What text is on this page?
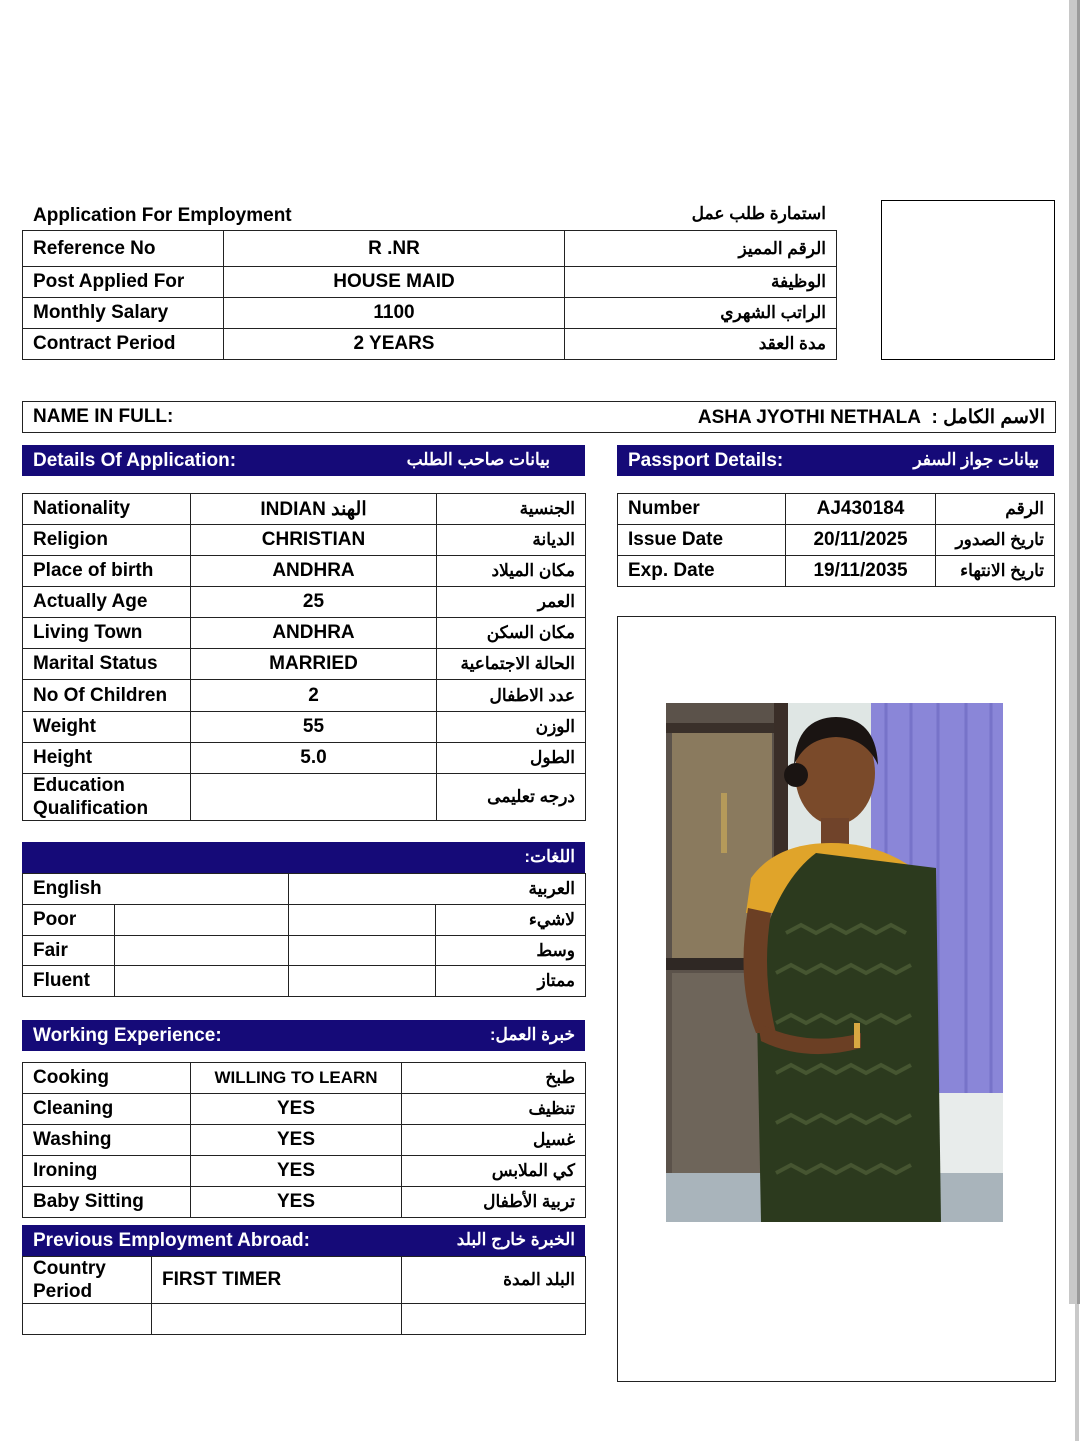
Application For Employment	استمارة طلب عمل
Reference No	R .NR	الرقم المميز
Post Applied For	HOUSE MAID	الوظيفة
Monthly Salary	1100	الراتب الشهري
Contract Period	2 YEARS	مدة العقد
NAME IN FULL:	الاسم الكامل :  ASHA JYOTHI NETHALA
Details Of Application:	بيانات صاحب الطلب	Passport Details:	بيانات جواز السفر
Nationality	INDIAN الهند	الجنسية
Religion	CHRISTIAN	الديانة
Place of birth	ANDHRA	مكان الميلاد
Actually Age	25	العمر
Living Town	ANDHRA	مكان السكن
Marital Status	MARRIED	الحالة الاجتماعية
No Of Children	2	عدد الاطفال
Weight	55	الوزن
Height	5.0	الطول
Education Qualification		درجه تعليمى
Number	AJ430184	الرقم
Issue Date	20/11/2025	تاريخ الصدور
Exp. Date	19/11/2035	تاريخ الانتهاء
اللغات:
English		العربية	
Poor			لاشيء
Fair			وسط
Fluent			ممتاز
Working Experience:	خبرة العمل:
Cooking	WILLING TO LEARN	طبخ
Cleaning	YES	تنظيف
Washing	YES	غسيل
Ironing	YES	كي الملابس
Baby Sitting	YES	تربية الأطفال
Previous Employment Abroad:	الخبرة خارج البلد
Country Period	FIRST TIMER	البلد المدة
